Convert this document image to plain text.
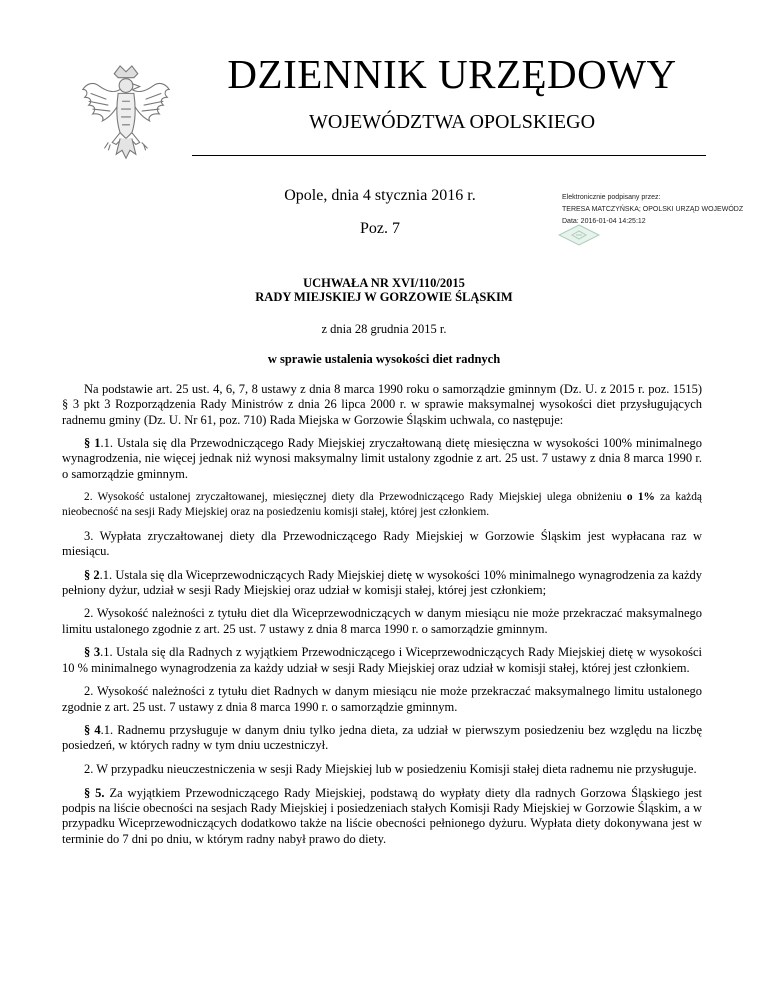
DZIENNIK URZĘDOWY
WOJEWÓDZTWA OPOLSKIEGO
Opole, dnia 4 stycznia 2016 r.
Poz. 7
Elektronicznie podpisany przez:
TERESA MATCZYŃSKA; OPOLSKI URZĄD WOJEWÓDZ
Data: 2016-01-04 14:25:12
UCHWAŁA NR XVI/110/2015
RADY MIEJSKIEJ W GORZOWIE ŚLĄSKIM
z dnia 28 grudnia 2015 r.
w sprawie ustalenia wysokości diet radnych

Na podstawie art. 25 ust. 4, 6, 7, 8 ustawy z dnia 8 marca 1990 roku o samorządzie gminnym (Dz. U. z 2015 r. poz. 1515) § 3 pkt 3 Rozporządzenia Rady Ministrów z dnia 26 lipca 2000 r. w sprawie maksymalnej wysokości diet przysługujących radnemu gminy (Dz. U. Nr 61, poz. 710) Rada Miejska w Gorzowie Śląskim uchwala, co następuje:

§ 1.1. Ustala się dla Przewodniczącego Rady Miejskiej zryczałtowaną dietę miesięczna w wysokości 100% minimalnego wynagrodzenia, nie więcej jednak niż wynosi maksymalny limit ustalony zgodnie z art. 25 ust. 7 ustawy z dnia 8 marca 1990 r. o samorządzie gminnym.

2. Wysokość ustalonej zryczałtowanej, miesięcznej diety dla Przewodniczącego Rady Miejskiej ulega obniżeniu o 1% za każdą nieobecność na sesji Rady Miejskiej oraz na posiedzeniu komisji stałej, której jest członkiem.

3. Wypłata zryczałtowanej diety dla Przewodniczącego Rady Miejskiej w Gorzowie Śląskim jest wypłacana raz w miesiącu.

§ 2.1. Ustala się dla Wiceprzewodniczących Rady Miejskiej dietę w wysokości 10% minimalnego wynagrodzenia za każdy pełniony dyżur, udział w sesji Rady Miejskiej oraz udział w komisji stałej, której jest członkiem;

2. Wysokość należności z tytułu diet dla Wiceprzewodniczących w danym miesiącu nie może przekraczać maksymalnego limitu ustalonego zgodnie z art. 25 ust. 7 ustawy z dnia 8 marca 1990 r. o samorządzie gminnym.

§ 3.1. Ustala się dla Radnych z wyjątkiem Przewodniczącego i Wiceprzewodniczących Rady Miejskiej dietę w wysokości 10 % minimalnego wynagrodzenia za każdy udział w sesji Rady Miejskiej oraz udział w komisji stałej, której jest członkiem.

2. Wysokość należności z tytułu diet Radnych w danym miesiącu nie może przekraczać maksymalnego limitu ustalonego zgodnie z art. 25 ust. 7 ustawy z dnia 8 marca 1990 r. o samorządzie gminnym.

§ 4.1. Radnemu przysługuje w danym dniu tylko jedna dieta, za udział w pierwszym posiedzeniu bez względu na liczbę posiedzeń, w których radny w tym dniu uczestniczył.

2. W przypadku nieuczestniczenia w sesji Rady Miejskiej lub w posiedzeniu Komisji stałej dieta radnemu nie przysługuje.

§ 5. Za wyjątkiem Przewodniczącego Rady Miejskiej, podstawą do wypłaty diety dla radnych Gorzowa Śląskiego jest podpis na liście obecności na sesjach Rady Miejskiej i posiedzeniach stałych Komisji Rady Miejskiej w Gorzowie Śląskim, a w przypadku Wiceprzewodniczących dodatkowo także na liście obecności pełnionego dyżuru. Wypłata diety dokonywana jest w terminie do 7 dni po dniu, w którym radny nabył prawo do diety.
